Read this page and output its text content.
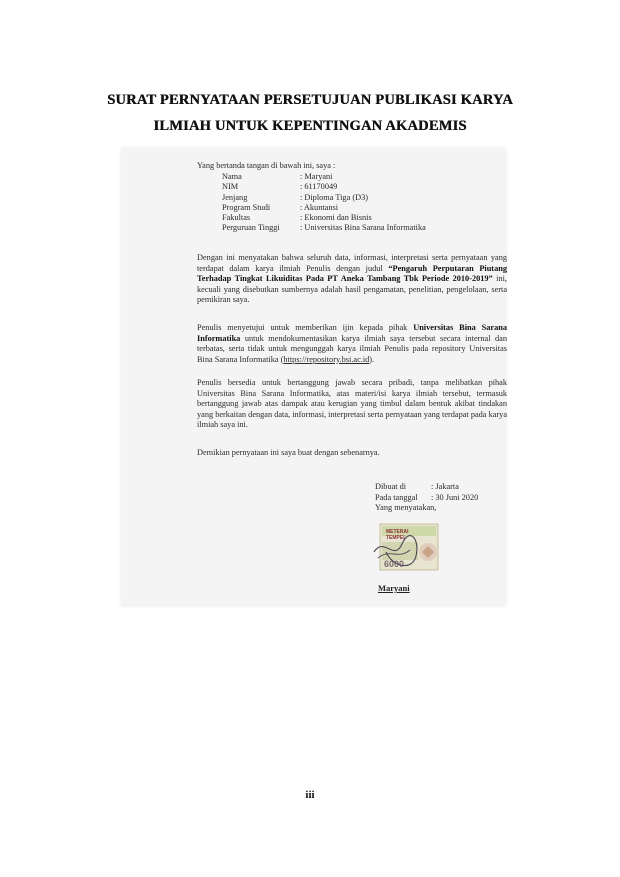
SURAT PERNYATAAN PERSETUJUAN PUBLIKASI KARYA
ILMIAH UNTUK KEPENTINGAN AKADEMIS
Yang bertanda tangan di bawah ini, saya :
Nama	: Maryani
NIM	: 61170049
Jenjang	: Diploma Tiga (D3)
Program Studi	: Akuntansi
Fakultas	: Ekonomi dan Bisnis
Perguruan Tinggi	: Universitas Bina Sarana Informatika
Dengan ini menyatakan bahwa seluruh data, informasi, interpretasi serta pernyataan yang terdapat dalam karya ilmiah Penulis dengan judul “Pengaruh Perputaran Piutang Terhadap Tingkat Likuiditas Pada PT Aneka Tambang Tbk Periode 2010-2019” ini, kecuali yang disebutkan sumbernya adalah hasil pengamatan, penelitian, pengelolaan, serta pemikiran saya.
Penulis menyetujui untuk memberikan ijin kepada pihak Universitas Bina Sarana Informatika untuk mendokumentasikan karya ilmiah saya tersebut secara internal dan terbatas, serta tidak untuk mengunggah karya ilmiah Penulis pada repository Universitas Bina Sarana Informatika (https://repository.bsi.ac.id).
Penulis bersedia untuk bertanggung jawab secara pribadi, tanpa melibatkan pihak Universitas Bina Sarana Informatika, atas materi/isi karya ilmiah tersebut, termasuk bertanggung jawab atas dampak atau kerugian yang timbul dalam bentuk akibat tindakan yang berkaitan dengan data, informasi, interpretasi serta pernyataan yang terdapat pada karya ilmiah saya ini.
Demikian pernyataan ini saya buat dengan sebenarnya.
Dibuat di	: Jakarta
Pada tanggal	: 30 Juni 2020
Yang menyatakan,
METERAI
TEMPEL
6000
Maryani
iii
